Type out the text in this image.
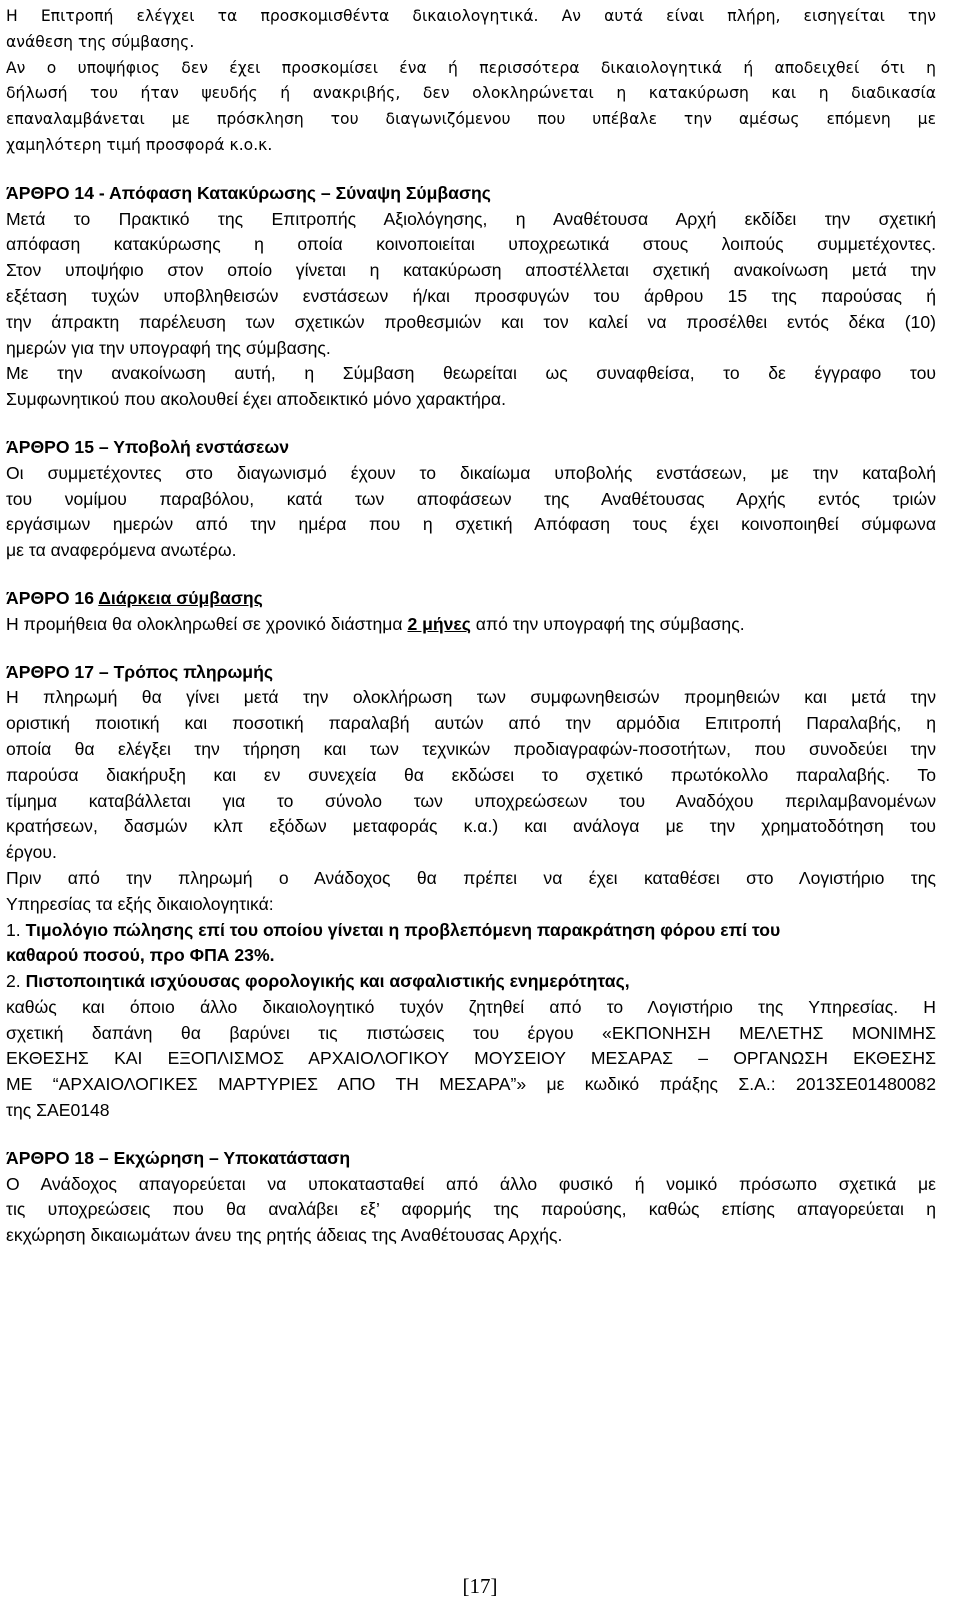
Η Επιτροπή ελέγχει τα προσκομισθέντα δικαιολογητικά. Αν αυτά είναι πλήρη, εισηγείται την
ανάθεση της σύμβασης.
Αν ο υποψήφιος δεν έχει προσκομίσει ένα ή περισσότερα δικαιολογητικά ή αποδειχθεί ότι η
δήλωσή του ήταν ψευδής ή ανακριβής, δεν ολοκληρώνεται η κατακύρωση και η διαδικασία
επαναλαμβάνεται με πρόσκληση του διαγωνιζόμενου που υπέβαλε την αμέσως επόμενη με
χαμηλότερη τιμή προσφορά κ.ο.κ.
ΆΡΘΡΟ 14 - Απόφαση Κατακύρωσης – Σύναψη Σύμβασης
Μετά το Πρακτικό της Επιτροπής Αξιολόγησης, η Αναθέτουσα Αρχή εκδίδει την σχετική
απόφαση κατακύρωσης η οποία κοινοποιείται υποχρεωτικά στους λοιπούς συμμετέχοντες.
Στον υποψήφιο στον οποίο γίνεται η κατακύρωση αποστέλλεται σχετική ανακοίνωση μετά την
εξέταση τυχών υποβληθεισών ενστάσεων ή/και προσφυγών του άρθρου 15 της παρούσας ή
την άπρακτη παρέλευση των σχετικών προθεσμιών και τον καλεί να προσέλθει εντός δέκα (10)
ημερών για την υπογραφή της σύμβασης.
Με την ανακοίνωση αυτή, η Σύμβαση θεωρείται ως συναφθείσα, το δε έγγραφο του
Συμφωνητικού που ακολουθεί έχει αποδεικτικό μόνο χαρακτήρα.
ΆΡΘΡΟ 15 – Υποβολή ενστάσεων
Οι συμμετέχοντες στο διαγωνισμό έχουν το δικαίωμα υποβολής ενστάσεων, με την καταβολή
του νομίμου παραβόλου, κατά των αποφάσεων της Αναθέτουσας Αρχής εντός τριών
εργάσιμων ημερών από την ημέρα που η σχετική Απόφαση τους έχει κοινοποιηθεί σύμφωνα
με τα αναφερόμενα ανωτέρω.
ΆΡΘΡΟ 16 Διάρκεια σύμβασης
Η προμήθεια θα ολοκληρωθεί σε χρονικό διάστημα 2 μήνες από την υπογραφή της σύμβασης.
ΆΡΘΡΟ 17 – Τρόπος πληρωμής
Η πληρωμή θα γίνει μετά την ολοκλήρωση των συμφωνηθεισών προμηθειών και μετά την
οριστική ποιοτική και ποσοτική παραλαβή αυτών από την αρμόδια Επιτροπή Παραλαβής, η
οποία θα ελέγξει την τήρηση και των τεχνικών προδιαγραφών-ποσοτήτων, που συνοδεύει την
παρούσα διακήρυξη και εν συνεχεία θα εκδώσει το σχετικό πρωτόκολλο παραλαβής. Το
τίμημα καταβάλλεται για το σύνολο των υποχρεώσεων του Αναδόχου περιλαμβανομένων
κρατήσεων, δασμών κλπ εξόδων μεταφοράς κ.α.) και ανάλογα με την χρηματοδότηση του
έργου.
Πριν από την πληρωμή ο Ανάδοχος θα πρέπει να έχει καταθέσει στο Λογιστήριο της
Υπηρεσίας τα εξής δικαιολογητικά:
1. Τιμολόγιο πώλησης επί του οποίου γίνεται η προβλεπόμενη παρακράτηση φόρου επί του
καθαρού ποσού, προ ΦΠΑ 23%.
2. Πιστοποιητικά ισχύουσας φορολογικής και ασφαλιστικής ενημερότητας,
καθώς και όποιο άλλο δικαιολογητικό τυχόν ζητηθεί από το Λογιστήριο της Υπηρεσίας. Η
σχετική δαπάνη θα βαρύνει τις πιστώσεις του έργου «ΕΚΠΟΝΗΣΗ ΜΕΛΕΤΗΣ ΜΟΝΙΜΗΣ
ΕΚΘΕΣΗΣ ΚΑΙ ΕΞΟΠΛΙΣΜΟΣ ΑΡΧΑΙΟΛΟΓΙΚΟΥ ΜΟΥΣΕΙΟΥ ΜΕΣΑΡΑΣ – ΟΡΓΑΝΩΣΗ ΕΚΘΕΣΗΣ
ΜΕ “ΑΡΧΑΙΟΛΟΓΙΚΕΣ ΜΑΡΤΥΡΙΕΣ ΑΠΟ ΤΗ ΜΕΣΑΡΑ”» με κωδικό πράξης Σ.Α.: 2013ΣΕ01480082
της ΣΑΕ0148
ΆΡΘΡΟ 18 – Εκχώρηση – Υποκατάσταση
Ο Ανάδοχος απαγορεύεται να υποκατασταθεί από άλλο φυσικό ή νομικό πρόσωπο σχετικά με
τις υποχρεώσεις που θα αναλάβει εξ’ αφορμής της παρούσης, καθώς επίσης απαγορεύεται η
εκχώρηση δικαιωμάτων άνευ της ρητής άδειας της Αναθέτουσας Αρχής.
[17]
